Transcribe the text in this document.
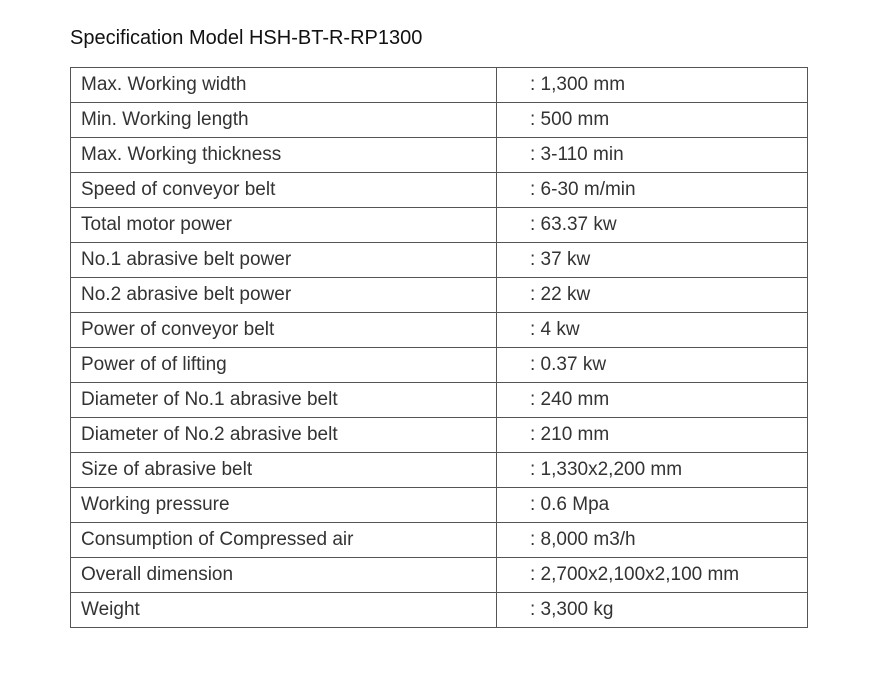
Specification Model HSH-BT-R-RP1300
Max. Working width	: 1,300 mm
Min. Working length	: 500 mm
Max. Working thickness	: 3-110 min
Speed of conveyor belt	: 6-30 m/min
Total motor power	: 63.37 kw
No.1 abrasive belt power	: 37 kw
No.2 abrasive belt power	: 22 kw
Power of conveyor belt	: 4 kw
Power of of lifting	: 0.37 kw
Diameter of No.1 abrasive belt	: 240 mm
Diameter of No.2 abrasive belt	: 210 mm
Size of abrasive belt	: 1,330x2,200 mm
Working pressure	: 0.6 Mpa
Consumption of Compressed air	: 8,000 m3/h
Overall dimension	: 2,700x2,100x2,100 mm
Weight	: 3,300 kg
